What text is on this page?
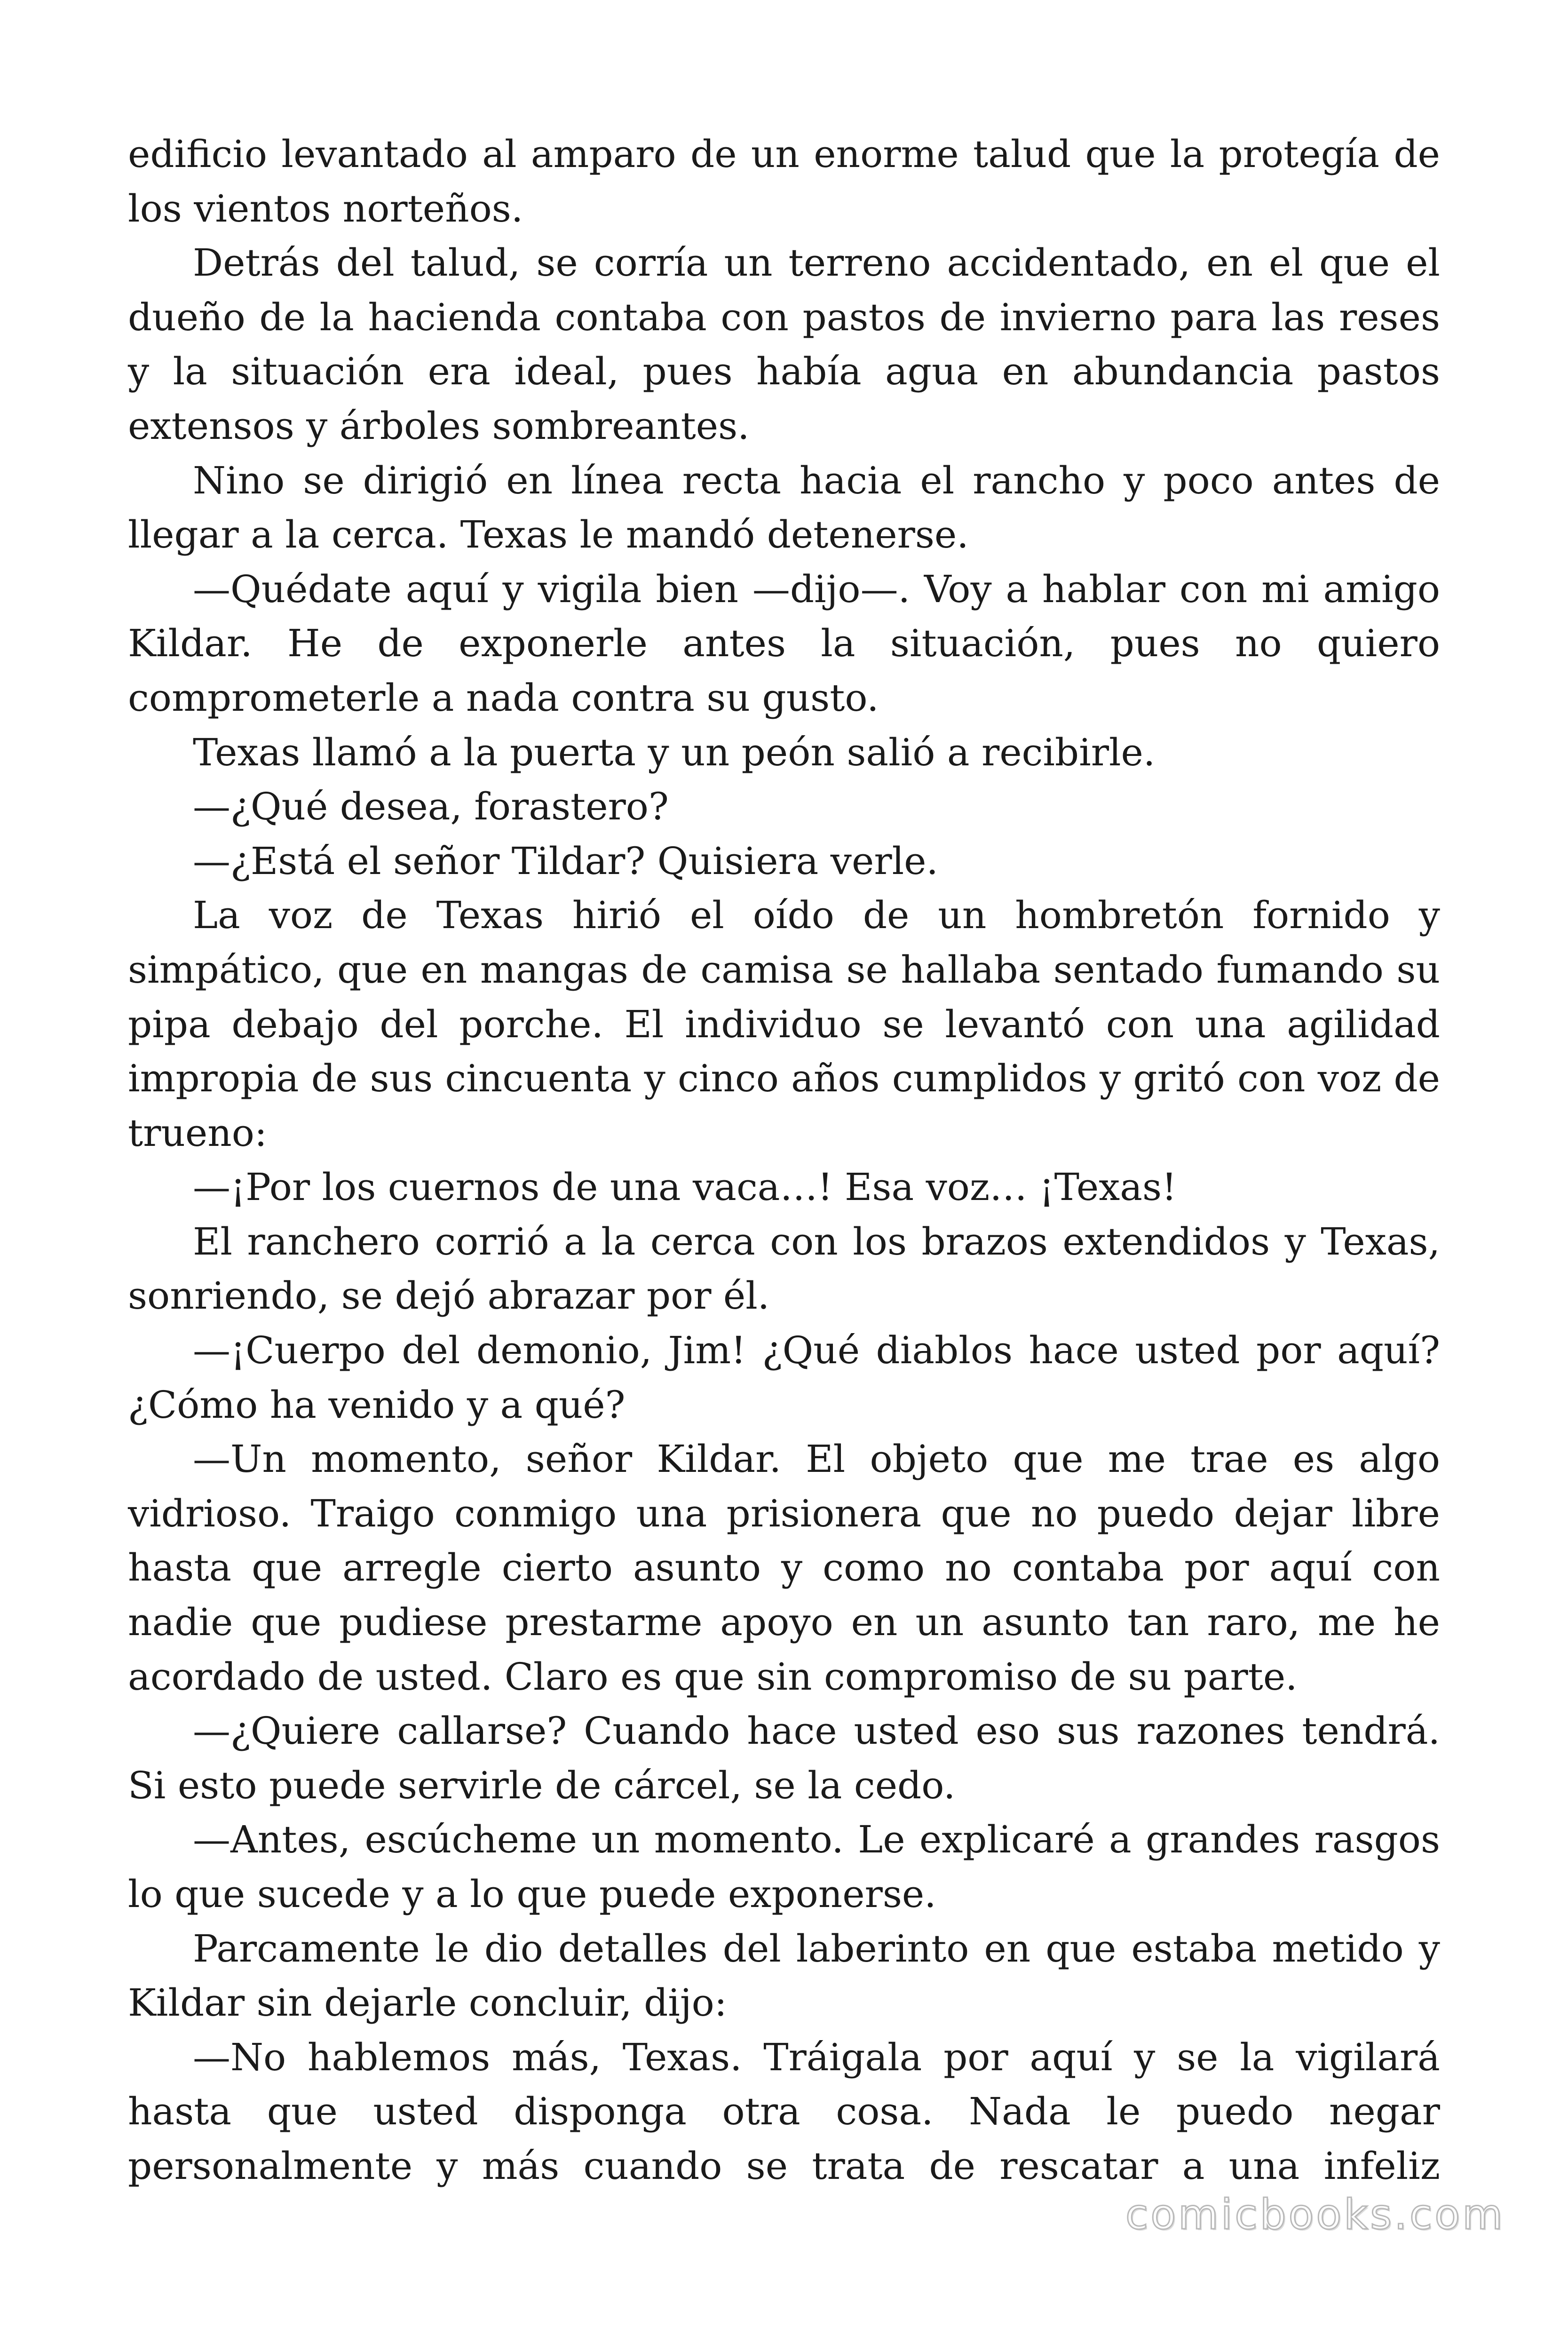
edificio levantado al amparo de un enorme talud que la protegía de los vientos norteños.

Detrás del talud, se corría un terreno accidentado, en el que el dueño de la hacienda contaba con pastos de invierno para las reses y la situación era ideal, pues había agua en abundancia pastos extensos y árboles sombreantes.

Nino se dirigió en línea recta hacia el rancho y poco antes de llegar a la cerca. Texas le mandó detenerse.

—Quédate aquí y vigila bien —dijo—. Voy a hablar con mi amigo Kildar. He de exponerle antes la situación, pues no quiero comprometerle a nada contra su gusto.

Texas llamó a la puerta y un peón salió a recibirle.

—¿Qué desea, forastero?

—¿Está el señor Tildar? Quisiera verle.

La voz de Texas hirió el oído de un hombretón fornido y simpático, que en mangas de camisa se hallaba sentado fumando su pipa debajo del porche. El individuo se levantó con una agilidad impropia de sus cincuenta y cinco años cumplidos y gritó con voz de trueno:

—¡Por los cuernos de una vaca…! Esa voz… ¡Texas!

El ranchero corrió a la cerca con los brazos extendidos y Texas, sonriendo, se dejó abrazar por él.

—¡Cuerpo del demonio, Jim! ¿Qué diablos hace usted por aquí? ¿Cómo ha venido y a qué?

—Un momento, señor Kildar. El objeto que me trae es algo vidrioso. Traigo conmigo una prisionera que no puedo dejar libre hasta que arregle cierto asunto y como no contaba por aquí con nadie que pudiese prestarme apoyo en un asunto tan raro, me he acordado de usted. Claro es que sin compromiso de su parte.

—¿Quiere callarse? Cuando hace usted eso sus razones tendrá. Si esto puede servirle de cárcel, se la cedo.

—Antes, escúcheme un momento. Le explicaré a grandes rasgos lo que sucede y a lo que puede exponerse.

Parcamente le dio detalles del laberinto en que estaba metido y Kildar sin dejarle concluir, dijo:

—No hablemos más, Texas. Tráigala por aquí y se la vigilará hasta que usted disponga otra cosa. Nada le puedo negar personalmente y más cuando se trata de rescatar a una infeliz

comicbooks.com
